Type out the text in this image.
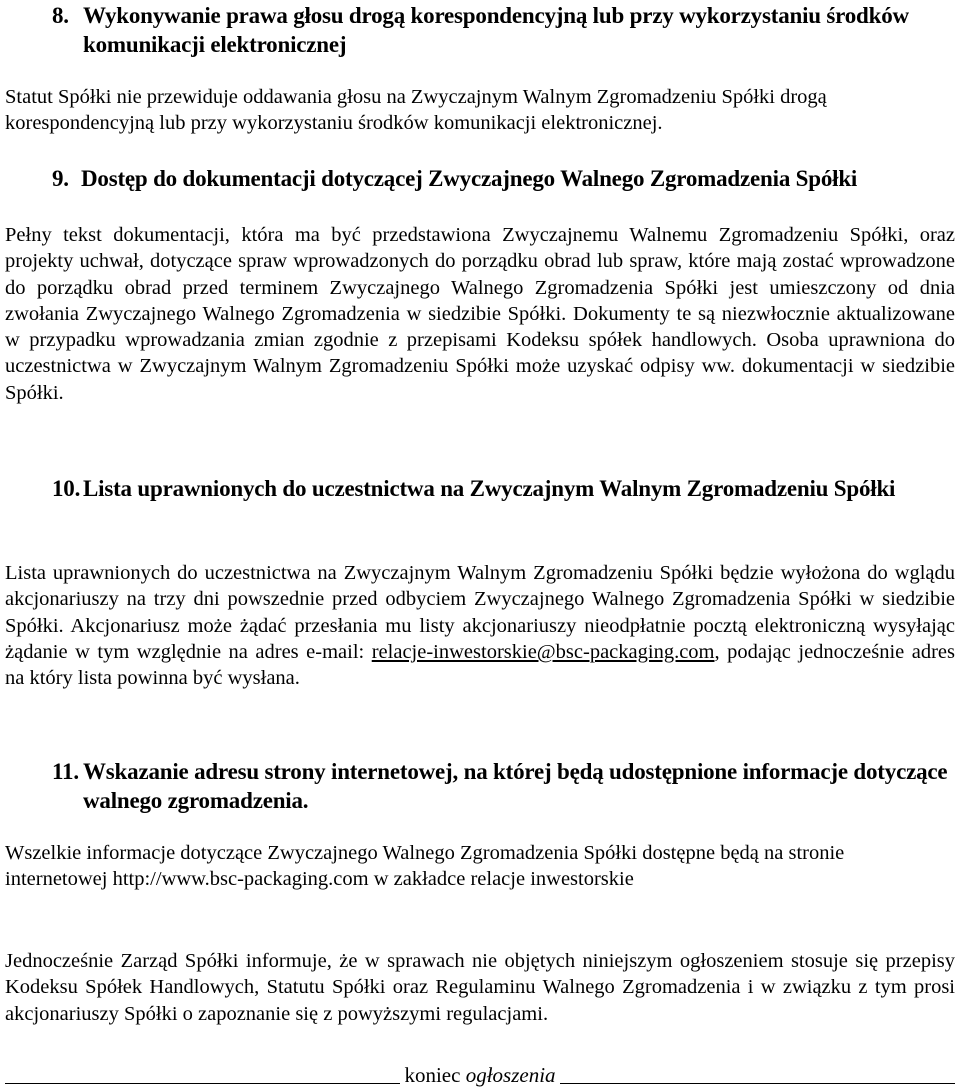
8. Wykonywanie prawa głosu drogą korespondencyjną lub przy wykorzystaniu środków komunikacji elektronicznej

Statut Spółki nie przewiduje oddawania głosu na Zwyczajnym Walnym Zgromadzeniu Spółki drogą korespondencyjną lub przy wykorzystaniu środków komunikacji elektronicznej.

9. Dostęp do dokumentacji dotyczącej Zwyczajnego Walnego Zgromadzenia Spółki

Pełny tekst dokumentacji, która ma być przedstawiona Zwyczajnemu Walnemu Zgromadzeniu Spółki, oraz projekty uchwał, dotyczące spraw wprowadzonych do porządku obrad lub spraw, które mają zostać wprowadzone do porządku obrad przed terminem Zwyczajnego Walnego Zgromadzenia Spółki jest umieszczony od dnia zwołania Zwyczajnego Walnego Zgromadzenia w siedzibie Spółki. Dokumenty te są niezwłocznie aktualizowane w przypadku wprowadzania zmian zgodnie z przepisami Kodeksu spółek handlowych. Osoba uprawniona do uczestnictwa w Zwyczajnym Walnym Zgromadzeniu Spółki może uzyskać odpisy ww. dokumentacji w siedzibie Spółki.

10. Lista uprawnionych do uczestnictwa na Zwyczajnym Walnym Zgromadzeniu Spółki

Lista uprawnionych do uczestnictwa na Zwyczajnym Walnym Zgromadzeniu Spółki będzie wyłożona do wglądu akcjonariuszy na trzy dni powszednie przed odbyciem Zwyczajnego Walnego Zgromadzenia Spółki w siedzibie Spółki. Akcjonariusz może żądać przesłania mu listy akcjonariuszy nieodpłatnie pocztą elektroniczną wysyłając żądanie w tym względnie na adres e-mail: relacje-inwestorskie@bsc-packaging.com, podając jednocześnie adres na który lista powinna być wysłana.

11. Wskazanie adresu strony internetowej, na której będą udostępnione informacje dotyczące walnego zgromadzenia.

Wszelkie informacje dotyczące Zwyczajnego Walnego Zgromadzenia Spółki dostępne będą na stronie internetowej http://www.bsc-packaging.com w zakładce relacje inwestorskie

Jednocześnie Zarząd Spółki informuje, że w sprawach nie objętych niniejszym ogłoszeniem stosuje się przepisy Kodeksu Spółek Handlowych, Statutu Spółki oraz Regulaminu Walnego Zgromadzenia i w związku z tym prosi akcjonariuszy Spółki o zapoznanie się z powyższymi regulacjami.

koniec ogłoszenia
